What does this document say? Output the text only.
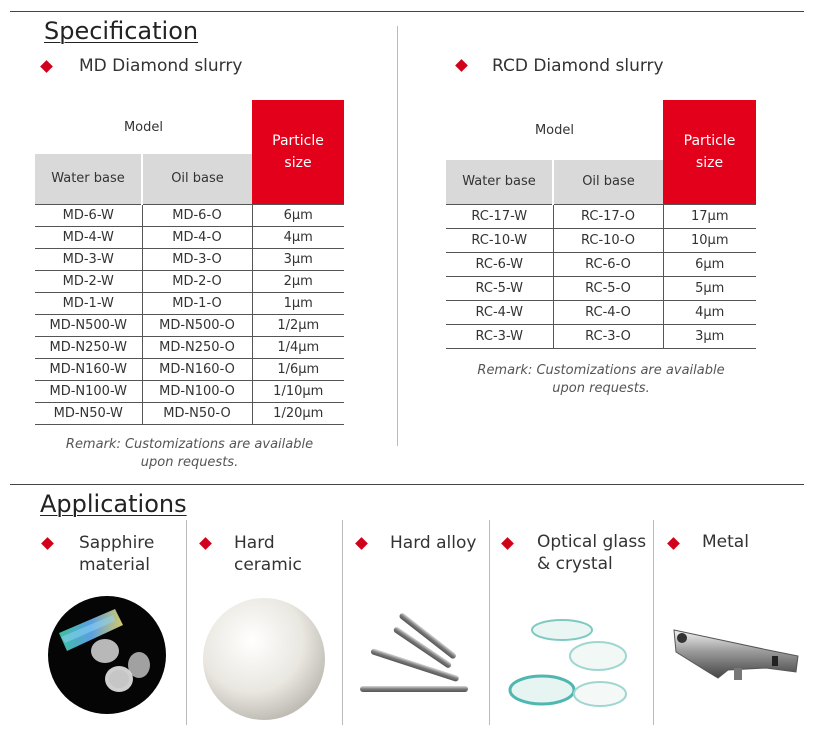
Specification
MD Diamond slurry	RCD Diamond slurry
Model		Particle size
Water base	Oil base	
MD-6-W	MD-6-O	6μm
MD-4-W	MD-4-O	4μm
MD-3-W	MD-3-O	3μm
MD-2-W	MD-2-O	2μm
MD-1-W	MD-1-O	1μm
MD-N500-W	MD-N500-O	1/2μm
MD-N250-W	MD-N250-O	1/4μm
MD-N160-W	MD-N160-O	1/6μm
MD-N100-W	MD-N100-O	1/10μm
MD-N50-W	MD-N50-O	1/20μm
Remark: Customizations are available
upon requests.
Model		Particle size
Water base	Oil base	
RC-17-W	RC-17-O	17μm
RC-10-W	RC-10-O	10μm
RC-6-W	RC-6-O	6μm
RC-5-W	RC-5-O	5μm
RC-4-W	RC-4-O	4μm
RC-3-W	RC-3-O	3μm
Remark: Customizations are available
upon requests.
Applications
Sapphire
material
Hard
ceramic
Hard alloy	Optical glass
& crystal
Metal
